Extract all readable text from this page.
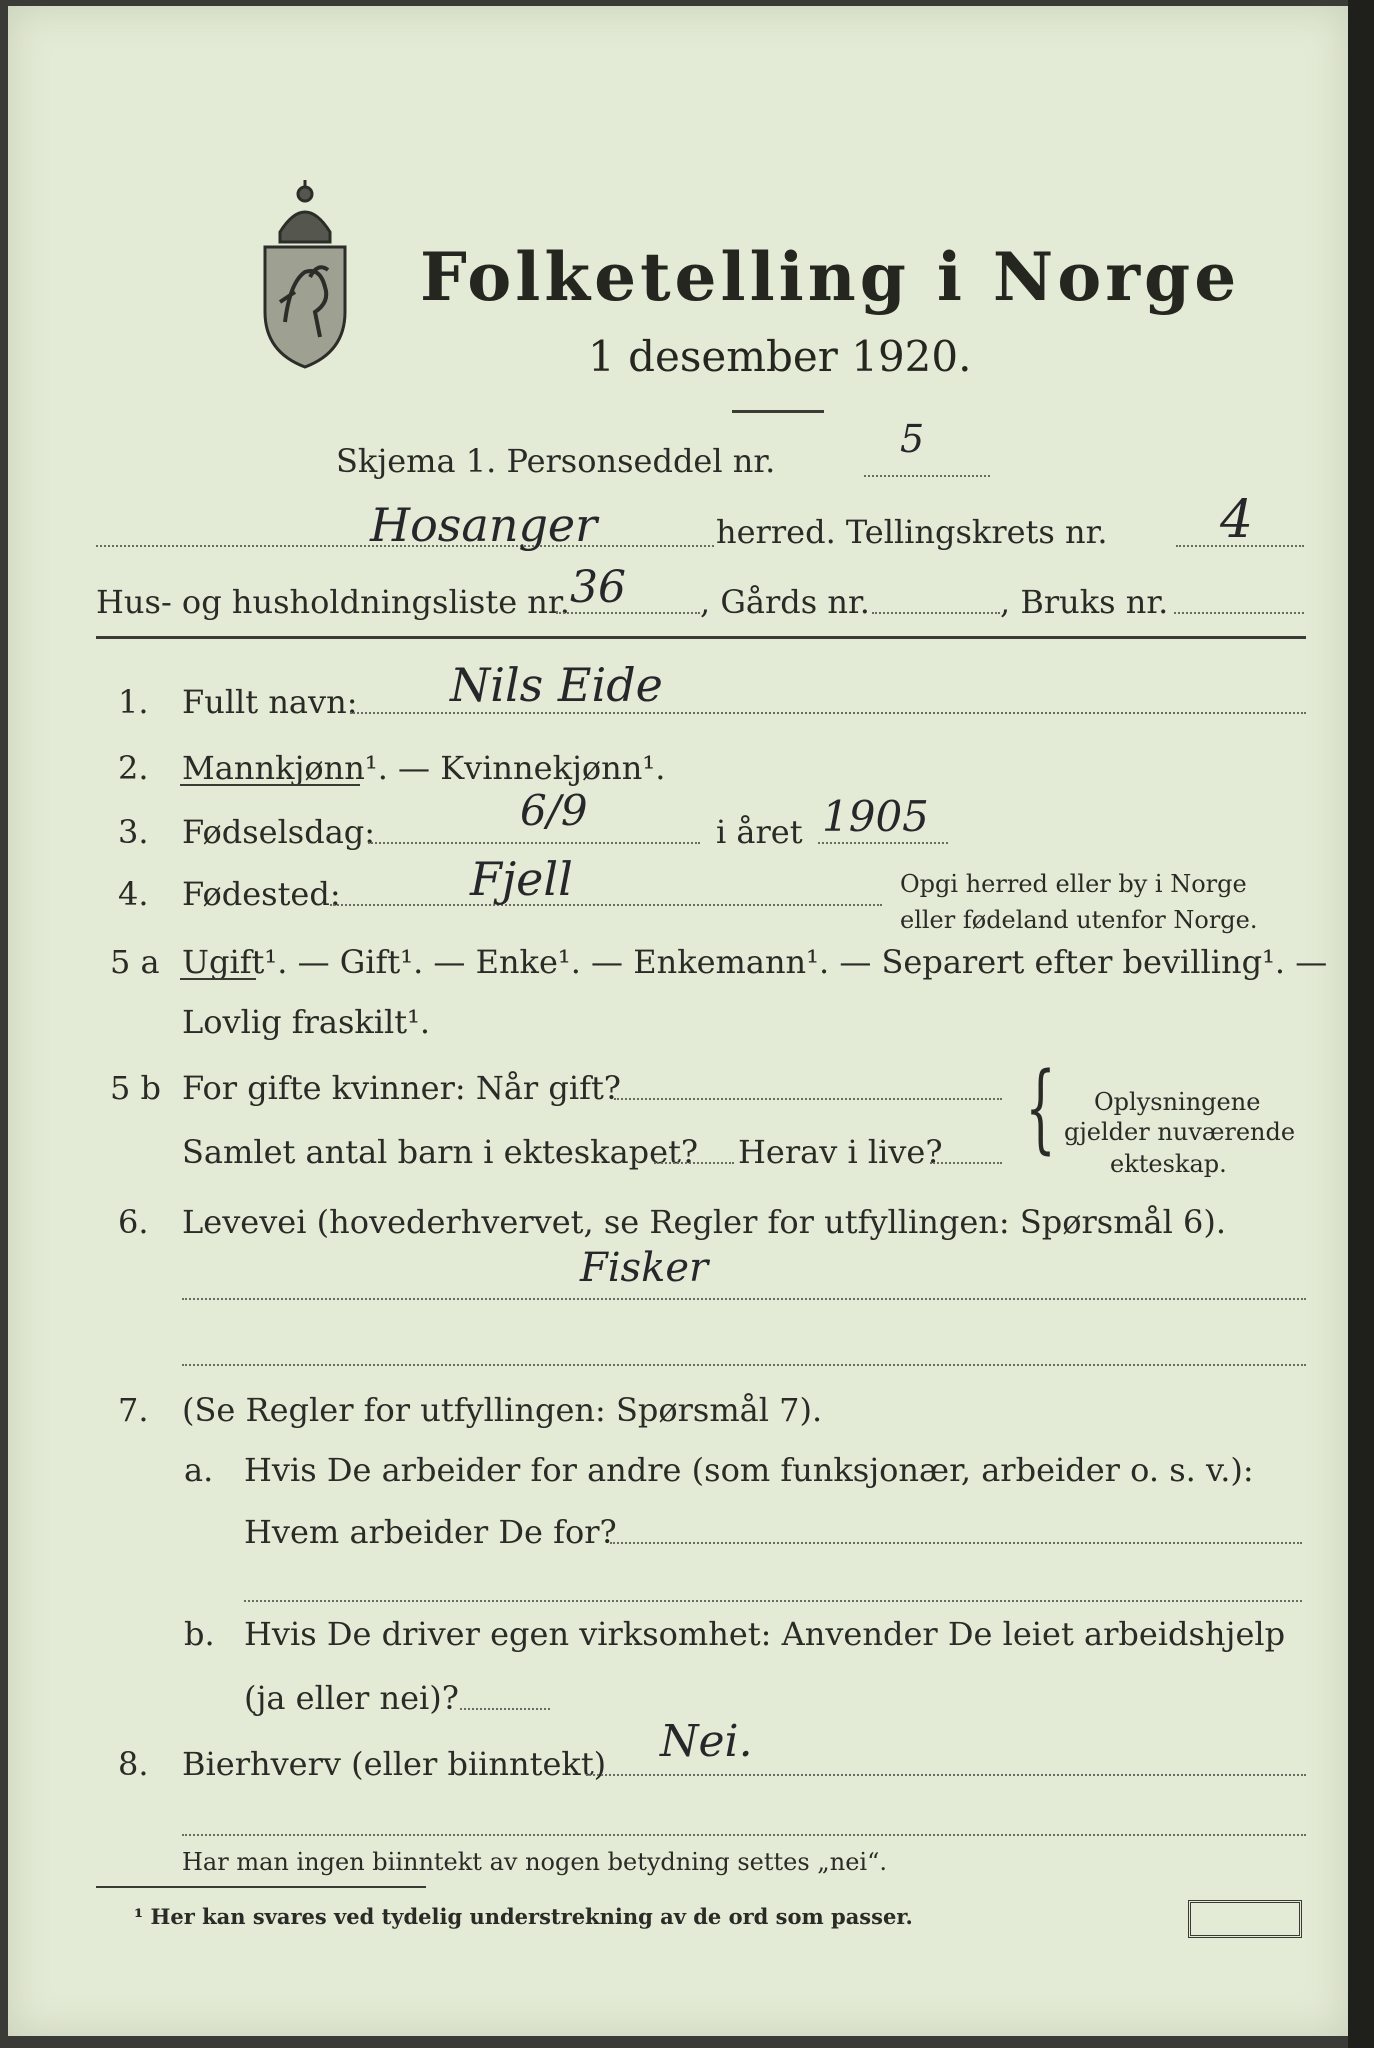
Folketelling i Norge
1 desember 1920.
Skjema 1. Personseddel nr.	5
Hosanger	herred. Tellingskrets nr. 4
Hus- og husholdningsliste nr. 36 , Gårds nr.	, Bruks nr.
1. Fullt navn: Nils Eide
2. Mannkjønn¹. — Kvinnekjønn¹.
3. Fødselsdag:	6/9	i året 1905
4. Fødested:	Fjell	Opgi herred eller by i Norge
eller fødeland utenfor Norge.
5 a Ugift¹. — Gift¹. — Enke¹. — Enkemann¹. — Separert efter bevilling¹. —
Lovlig fraskilt¹.
5 b For gifte kvinner: Når gift?
Samlet antal barn i ekteskapet? Herav i live? { Oplysningene
gjelder nuværende
ekteskap.
6. Levevei (hovederhvervet, se Regler for utfyllingen: Spørsmål 6).
Fisker
7. (Se Regler for utfyllingen: Spørsmål 7).
a. Hvis De arbeider for andre (som funksjonær, arbeider o. s. v.):
Hvem arbeider De for?
b. Hvis De driver egen virksomhet: Anvender De leiet arbeidshjelp
(ja eller nei)?
8. Bierhverv (eller biinntekt) Nei.
Har man ingen biinntekt av nogen betydning settes „nei“.
¹ Her kan svares ved tydelig understrekning av de ord som passer.
